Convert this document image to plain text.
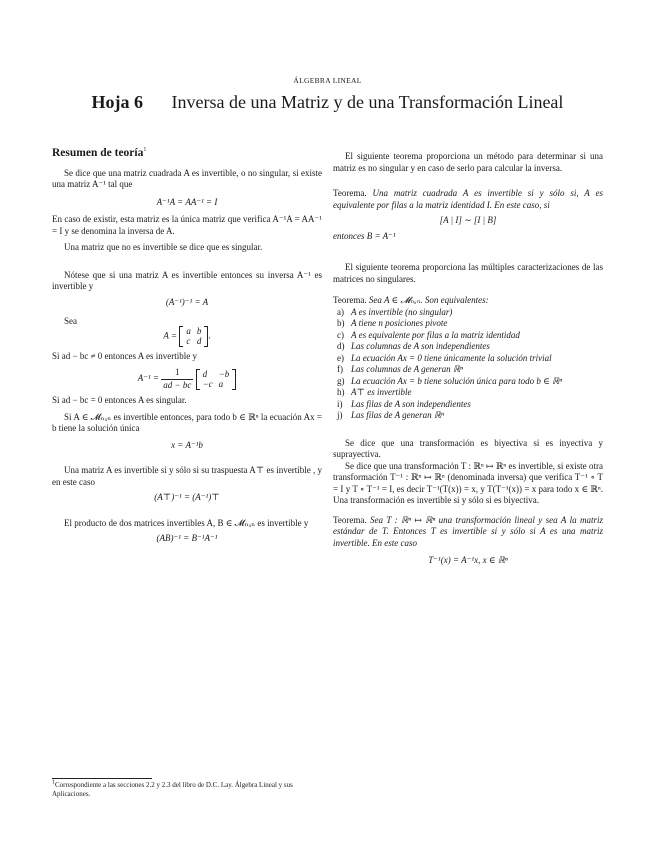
ÁLGEBRA LINEAL
Hoja 6 Inversa de una Matriz y de una Transformación Lineal
Resumen de teoría$^1$

Se dice que una matriz cuadrada A es invertible, o no singular, si existe una matriz A⁻¹ tal que

A⁻¹A = AA⁻¹ = I

En caso de existir, esta matriz es la única matriz que verifica A⁻¹A = AA⁻¹ = I y se denomina la inversa de A.

Una matriz que no es invertible se dice que es singular.

Nótese que si una matriz A es invertible entonces su inversa A⁻¹ es invertible y

(A⁻¹)⁻¹ = A

Sea

A = a	b
c	d
.

Si ad − bc ≠ 0 entonces A es invertible y

$A^{-1} = \frac{1}{ad - bc}$
d	−b
−c	a

Si ad − bc = 0 entonces A es singular.

Si A ∈ 𝓜ₙₓₙ es invertible entonces, para todo b ∈ ℝⁿ la ecuación Ax = b tiene la solución única

x = A⁻¹b

Una matriz A es invertible si y sólo si su traspuesta A⊤ es invertible , y en este caso

(A⊤)⁻¹ = (A⁻¹)⊤

El producto de dos matrices invertibles A, B ∈ 𝓜ₙₓₙ es invertible y

(AB)⁻¹ = B⁻¹A⁻¹

El siguiente teorema proporciona un método para determinar si una matriz es no singular y en caso de serlo para calcular la inversa.

Teorema. Una matriz cuadrada A es invertible si y sólo si, A es equivalente por filas a la matriz identidad I. En este caso, si

[A | I] ∼ [I | B]

entonces B = A⁻¹

El siguiente teorema proporciona las múltiples caracterizaciones de las matrices no singulares.

Teorema. Sea A ∈ 𝓜ₙₓₙ. Son equivalentes:

a) A es invertible (no singular)
b) A tiene n posiciones pivote
c) A es equivalente por filas a la matriz identidad
d) Las columnas de A son independientes
e) La ecuación Ax = 0 tiene únicamente la solución trivial
f) Las columnas de A generan ℝⁿ
g) La ecuación Ax = b tiene solución única para todo b ∈ ℝⁿ
h) A⊤ es invertible
i) Las filas de A son independientes
j) Las filas de A generan ℝⁿ

Se dice que una transformación es biyectiva si es inyectiva y suprayectiva.

Se dice que una transformación T : ℝⁿ ↦ ℝⁿ es invertible, si existe otra transformación T⁻¹ : ℝⁿ ↦ ℝⁿ (denominada inversa) que verifica T⁻¹ ∘ T = I y T ∘ T⁻¹ = I, es decir T⁻¹(T(x)) = x, y T(T⁻¹(x)) = x para todo x ∈ ℝⁿ. Una transformación es invertible si y sólo si es biyectiva.

Teorema. Sea T : ℝⁿ ↦ ℝⁿ una transformación lineal y sea A la matriz estándar de T. Entonces T es invertible si y sólo si A es una matriz invertible. En este caso

T⁻¹(x) = A⁻¹x, x ∈ ℝⁿ
$^1$Correspondiente a las secciones 2.2 y 2.3 del libro de D.C. Lay. Álgebra Lineal y sus Aplicaciones.
